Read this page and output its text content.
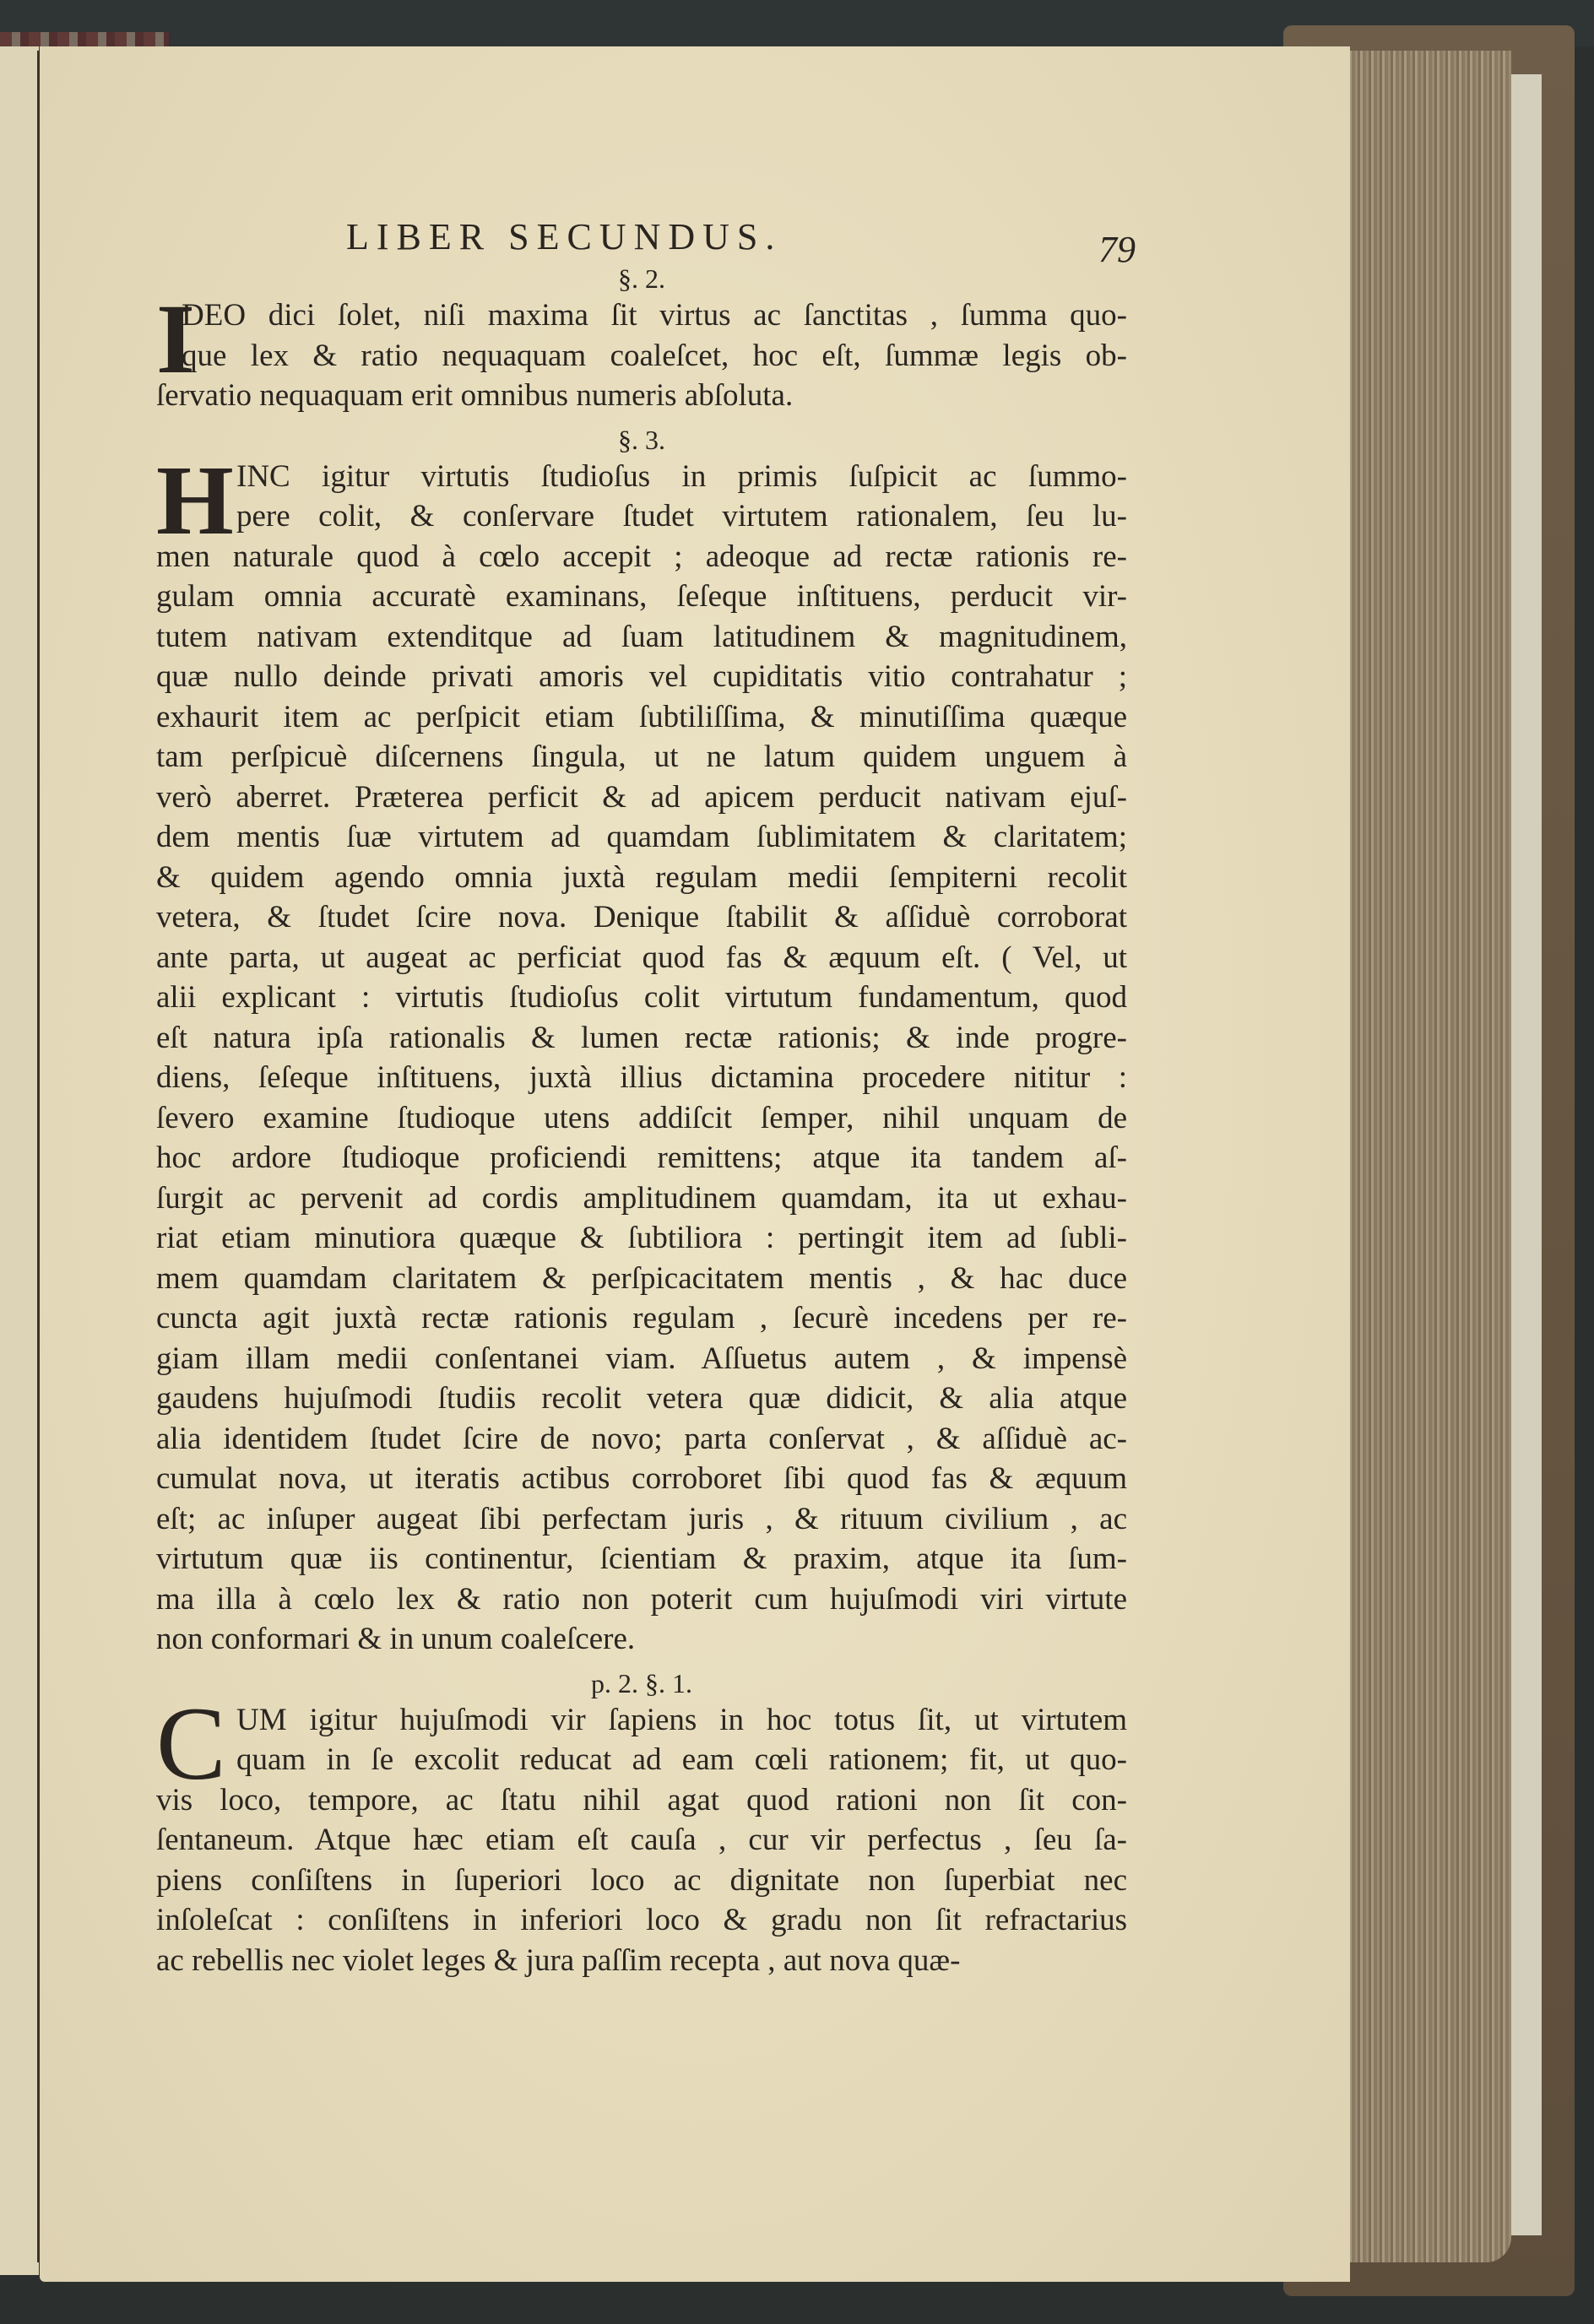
LIBER SECUNDUS.	79
§. 2.
I
DEO dici ſolet, niſi maxima ſit virtus ac ſanctitas , ſumma quo-
que lex & ratio nequaquam coaleſcet, hoc eſt, ſummæ legis ob-
ſervatio nequaquam erit omnibus numeris abſoluta.
§. 3.
H INC igitur virtutis ſtudioſus in primis ſuſpicit ac ſummo-
pere colit, & conſervare ſtudet virtutem rationalem, ſeu lu-
men naturale quod à cœlo accepit ; adeoque ad rectæ rationis re-
gulam omnia accuratè examinans, ſeſeque inſtituens, perducit vir-
tutem nativam extenditque ad ſuam latitudinem & magnitudinem,
quæ nullo deinde privati amoris vel cupiditatis vitio contrahatur ;
exhaurit item ac perſpicit etiam ſubtiliſſima, & minutiſſima quæque
tam perſpicuè diſcernens ſingula, ut ne latum quidem unguem à
verò aberret. Præterea perficit & ad apicem perducit nativam ejuſ-
dem mentis ſuæ virtutem ad quamdam ſublimitatem & claritatem;
& quidem agendo omnia juxtà regulam medii ſempiterni recolit
vetera, & ſtudet ſcire nova. Denique ſtabilit & aſſiduè corroborat
ante parta, ut augeat ac perficiat quod fas & æquum eſt. ( Vel, ut
alii explicant : virtutis ſtudioſus colit virtutum fundamentum, quod
eſt natura ipſa rationalis & lumen rectæ rationis; & inde progre-
diens, ſeſeque inſtituens, juxtà illius dictamina procedere nititur :
ſevero examine ſtudioque utens addiſcit ſemper, nihil unquam de
hoc ardore ſtudioque proficiendi remittens; atque ita tandem aſ-
ſurgit ac pervenit ad cordis amplitudinem quamdam, ita ut exhau-
riat etiam minutiora quæque & ſubtiliora : pertingit item ad ſubli-
mem quamdam claritatem & perſpicacitatem mentis , & hac duce
cuncta agit juxtà rectæ rationis regulam , ſecurè incedens per re-
giam illam medii conſentanei viam. Aſſuetus autem , & impensè
gaudens hujuſmodi ſtudiis recolit vetera quæ didicit, & alia atque
alia identidem ſtudet ſcire de novo; parta conſervat , & aſſiduè ac-
cumulat nova, ut iteratis actibus corroboret ſibi quod fas & æquum
eſt; ac inſuper augeat ſibi perfectam juris , & rituum civilium , ac
virtutum quæ iis continentur, ſcientiam & praxim, atque ita ſum-
ma illa à cœlo lex & ratio non poterit cum hujuſmodi viri virtute
non conformari & in unum coaleſcere.
p. 2. §. 1.
C UM igitur hujuſmodi vir ſapiens in hoc totus ſit, ut virtutem
quam in ſe excolit reducat ad eam cœli rationem; fit, ut quo-
vis loco, tempore, ac ſtatu nihil agat quod rationi non ſit con-
ſentaneum. Atque hæc etiam eſt cauſa , cur vir perfectus , ſeu ſa-
piens conſiſtens in ſuperiori loco ac dignitate non ſuperbiat nec
inſoleſcat : conſiſtens in inferiori loco & gradu non ſit refractarius
ac rebellis nec violet leges & jura paſſim recepta , aut nova quæ-
